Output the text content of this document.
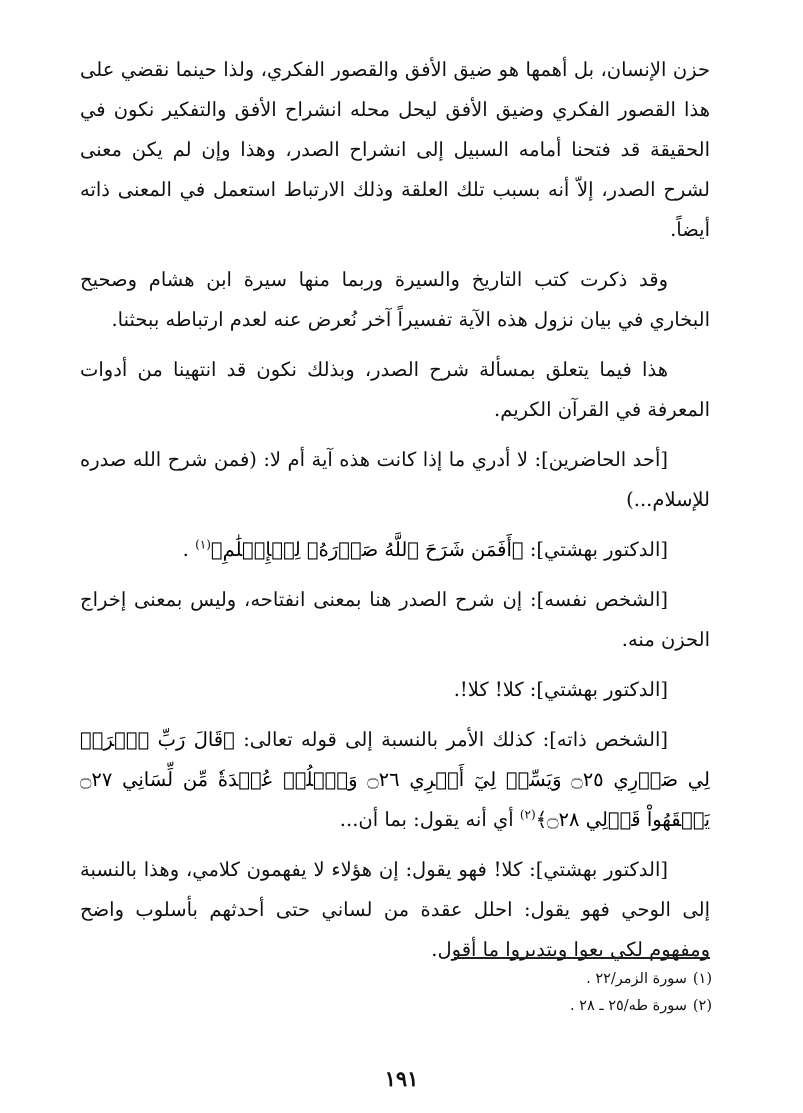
حزن الإنسان، بل أهمها هو ضيق الأفق والقصور الفكري، ولذا حينما نقضي على هذا القصور الفكري وضيق الأفق ليحل محله انشراح الأفق والتفكير نكون في الحقيقة قد فتحنا أمامه السبيل إلى انشراح الصدر، وهذا وإن لم يكن معنى لشرح الصدر، إلاّ أنه بسبب تلك العلقة وذلك الارتباط استعمل في المعنى ذاته أيضاً.

وقد ذكرت كتب التاريخ والسيرة وربما منها سيرة ابن هشام وصحيح البخاري في بيان نزول هذه الآية تفسيراً آخر نُعرض عنه لعدم ارتباطه ببحثنا.

هذا فيما يتعلق بمسألة شرح الصدر، وبذلك نكون قد انتهينا من أدوات المعرفة في القرآن الكريم.

[أحد الحاضرين]: لا أدري ما إذا كانت هذه آية أم لا: (فمن شرح الله صدره للإسلام...)

[الدكتور بهشتي]: ﴿أَفَمَن شَرَحَ ٱللَّهُ صَدۡرَهُۥ لِلۡإِسۡلَٰمِ﴾$^{(١)}$ .

[الشخص نفسه]: إن شرح الصدر هنا بمعنى انفتاحه، وليس بمعنى إخراج الحزن منه.

[الدكتور بهشتي]: كلا! كلا!.

[الشخص ذاته]: كذلك الأمر بالنسبة إلى قوله تعالى: ﴿قَالَ رَبِّ ٱشۡرَحۡ لِي صَدۡرِي ۝٢٥ وَيَسِّرۡ لِيٓ أَمۡرِي ۝٢٦ وَٱحۡلُلۡ عُقۡدَةٗ مِّن لِّسَانِي ۝٢٧ يَفۡقَهُواْ قَوۡلِي ۝٢٨﴾$^{(٢)}$ أي أنه يقول: بما أن...

[الدكتور بهشتي]: كلا! فهو يقول: إن هؤلاء لا يفهمون كلامي، وهذا بالنسبة إلى الوحي فهو يقول: احلل عقدة من لساني حتى أحدثهم بأسلوب واضح ومفهوم لكي يعوا ويتدبروا ما أقول.

(١)سورة الزمر/٢٢ .
(٢)سورة طه/٢٥ ـ ٢٨ .
١٩١
